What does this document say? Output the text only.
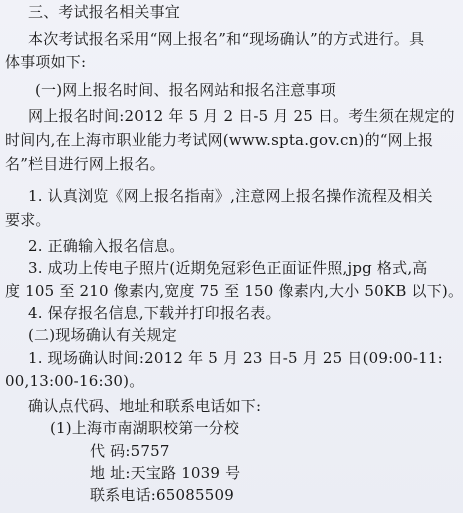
三、考试报名相关事宜
本次考试报名采用“网上报名”和“现场确认”的方式进行。具
体事项如下:
(一)网上报名时间、报名网站和报名注意事项
网上报名时间:2012 年 5 月 2 日-5 月 25 日。考生须在规定的
时间内,在上海市职业能力考试网(www.spta.gov.cn)的“网上报
名”栏目进行网上报名。
1. 认真浏览《网上报名指南》,注意网上报名操作流程及相关
要求。
2. 正确输入报名信息。
3. 成功上传电子照片(近期免冠彩色正面证件照,jpg 格式,高
度 105 至 210 像素内,宽度 75 至 150 像素内,大小 50KB 以下)。
4. 保存报名信息,下载并打印报名表。
(二)现场确认有关规定
1. 现场确认时间:2012 年 5 月 23 日-5 月 25 日(09:00-11:
00,13:00-16:30)。
确认点代码、地址和联系电话如下:
(1)上海市南湖职校第一分校
代 码:5757
地 址:天宝路 1039 号
联系电话:65085509
